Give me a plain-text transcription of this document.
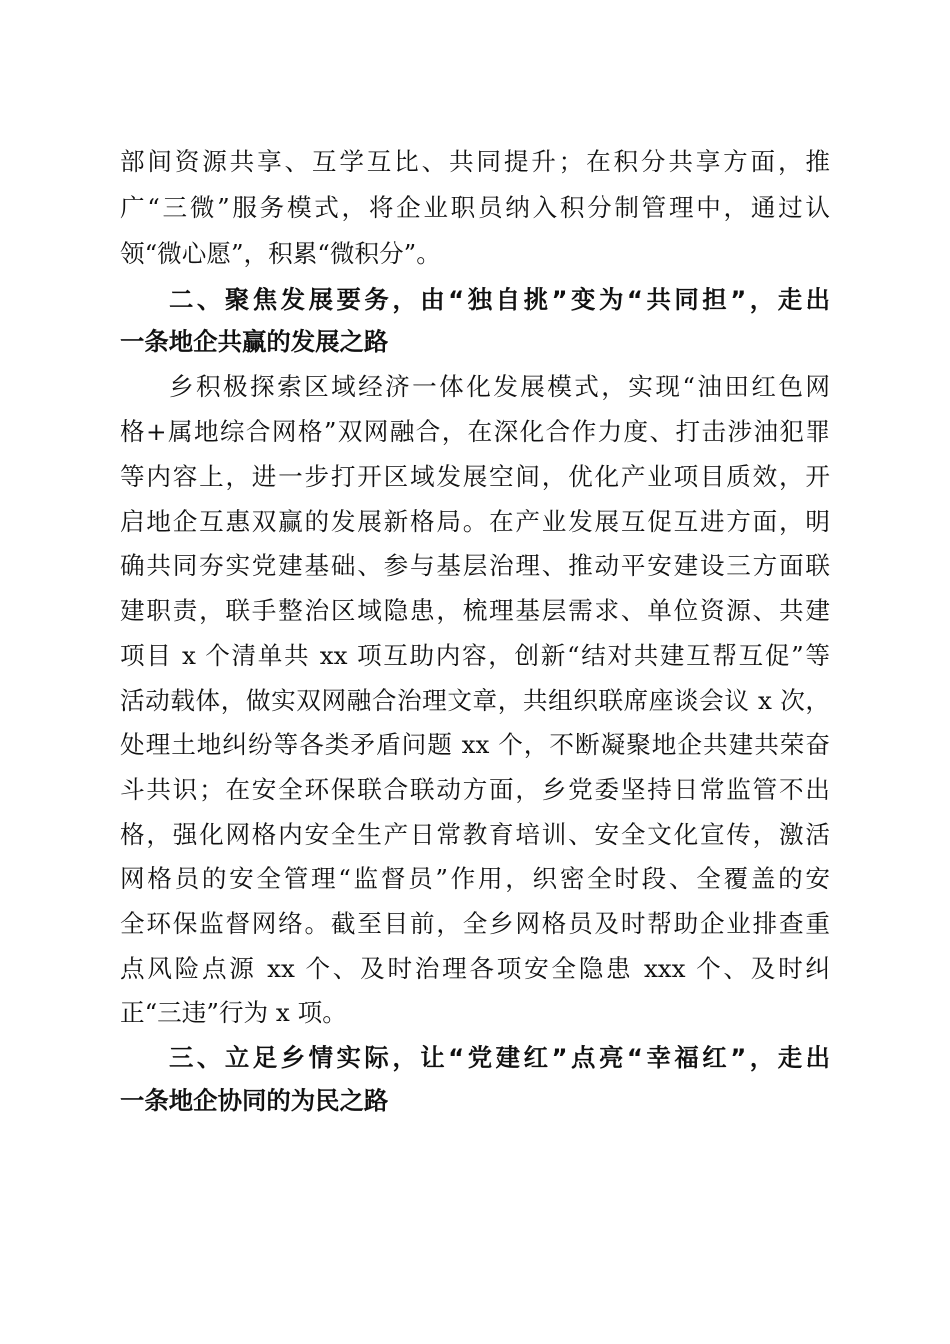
部间资源共享、互学互比、共同提升；在积分共享方面，推
广“三微”服务模式，将企业职员纳入积分制管理中，通过认
领“微心愿”，积累“微积分”。
二、聚焦发展要务，由“独自挑”变为“共同担”，走出
一条地企共赢的发展之路
乡积极探索区域经济一体化发展模式，实现“油田红色网
格+属地综合网格”双网融合，在深化合作力度、打击涉油犯罪
等内容上，进一步打开区域发展空间，优化产业项目质效，开
启地企互惠双赢的发展新格局。在产业发展互促互进方面，明
确共同夯实党建基础、参与基层治理、推动平安建设三方面联
建职责，联手整治区域隐患，梳理基层需求、单位资源、共建
项目 x 个清单共 xx 项互助内容，创新“结对共建互帮互促”等
活动载体，做实双网融合治理文章，共组织联席座谈会议 x 次，
处理土地纠纷等各类矛盾问题 xx 个，不断凝聚地企共建共荣奋
斗共识；在安全环保联合联动方面，乡党委坚持日常监管不出
格，强化网格内安全生产日常教育培训、安全文化宣传，激活
网格员的安全管理“监督员”作用，织密全时段、全覆盖的安
全环保监督网络。截至目前，全乡网格员及时帮助企业排查重
点风险点源 xx 个、及时治理各项安全隐患 xxx 个、及时纠
正“三违”行为 x 项。
三、立足乡情实际，让“党建红”点亮“幸福红”，走出
一条地企协同的为民之路
